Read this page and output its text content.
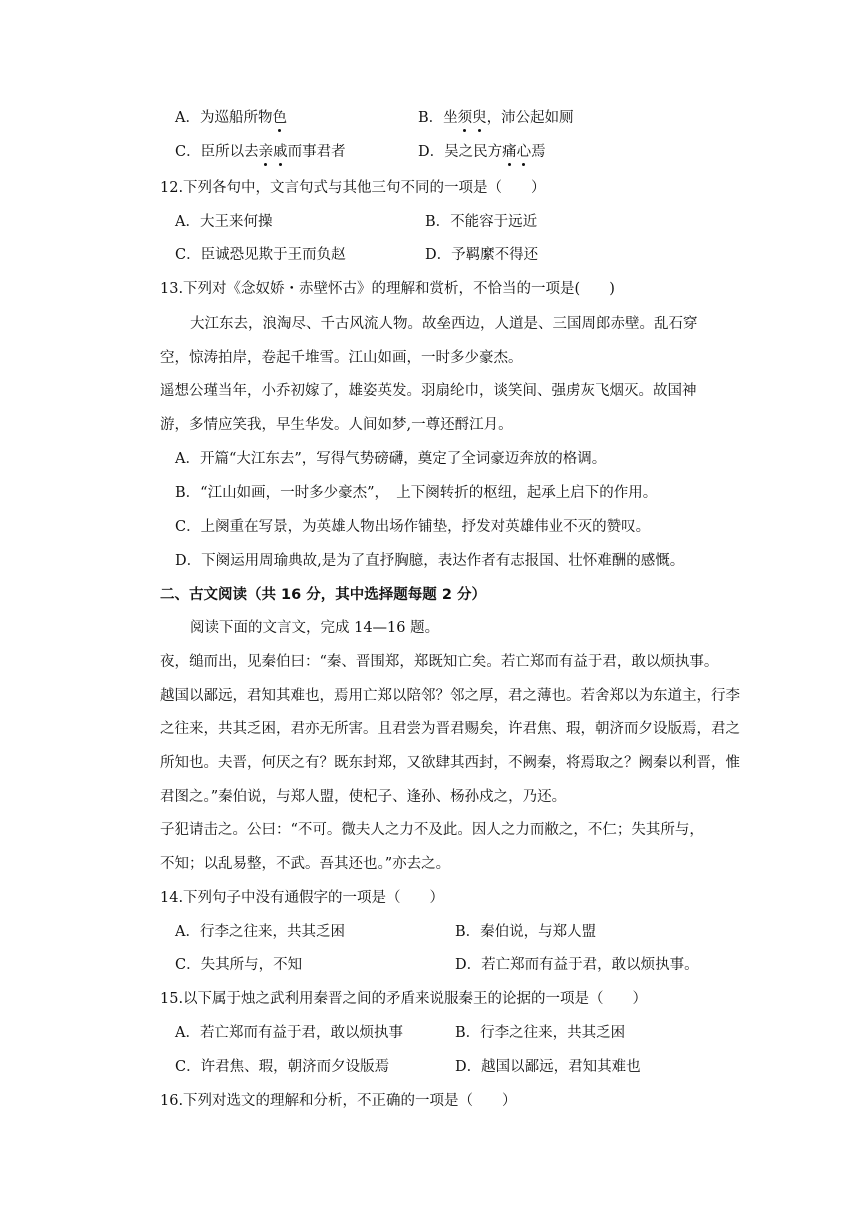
A．为巡船所物色	B．坐须臾，沛公起如厕
C．臣所以去亲戚而事君者	D．吴之民方痛心焉
12.下列各句中，文言句式与其他三句不同的一项是（　　）
A．大王来何操	B．不能容于远近
C．臣诚恐见欺于王而负赵	D．予羁縻不得还
13.下列对《念奴娇・赤壁怀古》的理解和赏析，不恰当的一项是(　　)
大江东去，浪淘尽、千古风流人物。故垒西边，人道是、三国周郎赤壁。乱石穿
空，惊涛拍岸，卷起千堆雪。江山如画，一时多少豪杰。
遥想公瑾当年，小乔初嫁了，雄姿英发。羽扇纶巾，谈笑间、强虏灰飞烟灭。故国神
游，多情应笑我，早生华发。人间如梦,一尊还酹江月。
A．开篇“大江东去”，写得气势磅礴，奠定了全词豪迈奔放的格调。
B．“江山如画，一时多少豪杰”，　上下阕转折的枢纽，起承上启下的作用。
C．上阕重在写景，为英雄人物出场作铺垫，抒发对英雄伟业不灭的赞叹。
D．下阕运用周瑜典故,是为了直抒胸臆，表达作者有志报国、壮怀难酬的感慨。
二、古文阅读（共 16 分，其中选择题每题 2 分）
阅读下面的文言文，完成 14—16 题。
夜，缒而出，见秦伯曰：“秦、晋围郑，郑既知亡矣。若亡郑而有益于君，敢以烦执事。
越国以鄙远，君知其难也，焉用亡郑以陪邻？邻之厚，君之薄也。若舍郑以为东道主，行李
之往来，共其乏困，君亦无所害。且君尝为晋君赐矣，许君焦、瑕，朝济而夕设版焉，君之
所知也。夫晋，何厌之有？既东封郑，又欲肆其西封，不阙秦，将焉取之？阙秦以利晋，惟
君图之。”秦伯说，与郑人盟，使杞子、逢孙、杨孙戍之，乃还。
子犯请击之。公曰：“不可。微夫人之力不及此。因人之力而敝之，不仁；失其所与，
不知；以乱易整，不武。吾其还也。”亦去之。
14.下列句子中没有通假字的一项是（　　）
A．行李之往来，共其乏困	B．秦伯说，与郑人盟
C．失其所与，不知	D．若亡郑而有益于君，敢以烦执事。
15.以下属于烛之武利用秦晋之间的矛盾来说服秦王的论据的一项是（　　）
A．若亡郑而有益于君，敢以烦执事	B．行李之往来，共其乏困
C．许君焦、瑕，朝济而夕设版焉	D．越国以鄙远，君知其难也
16.下列对选文的理解和分析，不正确的一项是（　　）
